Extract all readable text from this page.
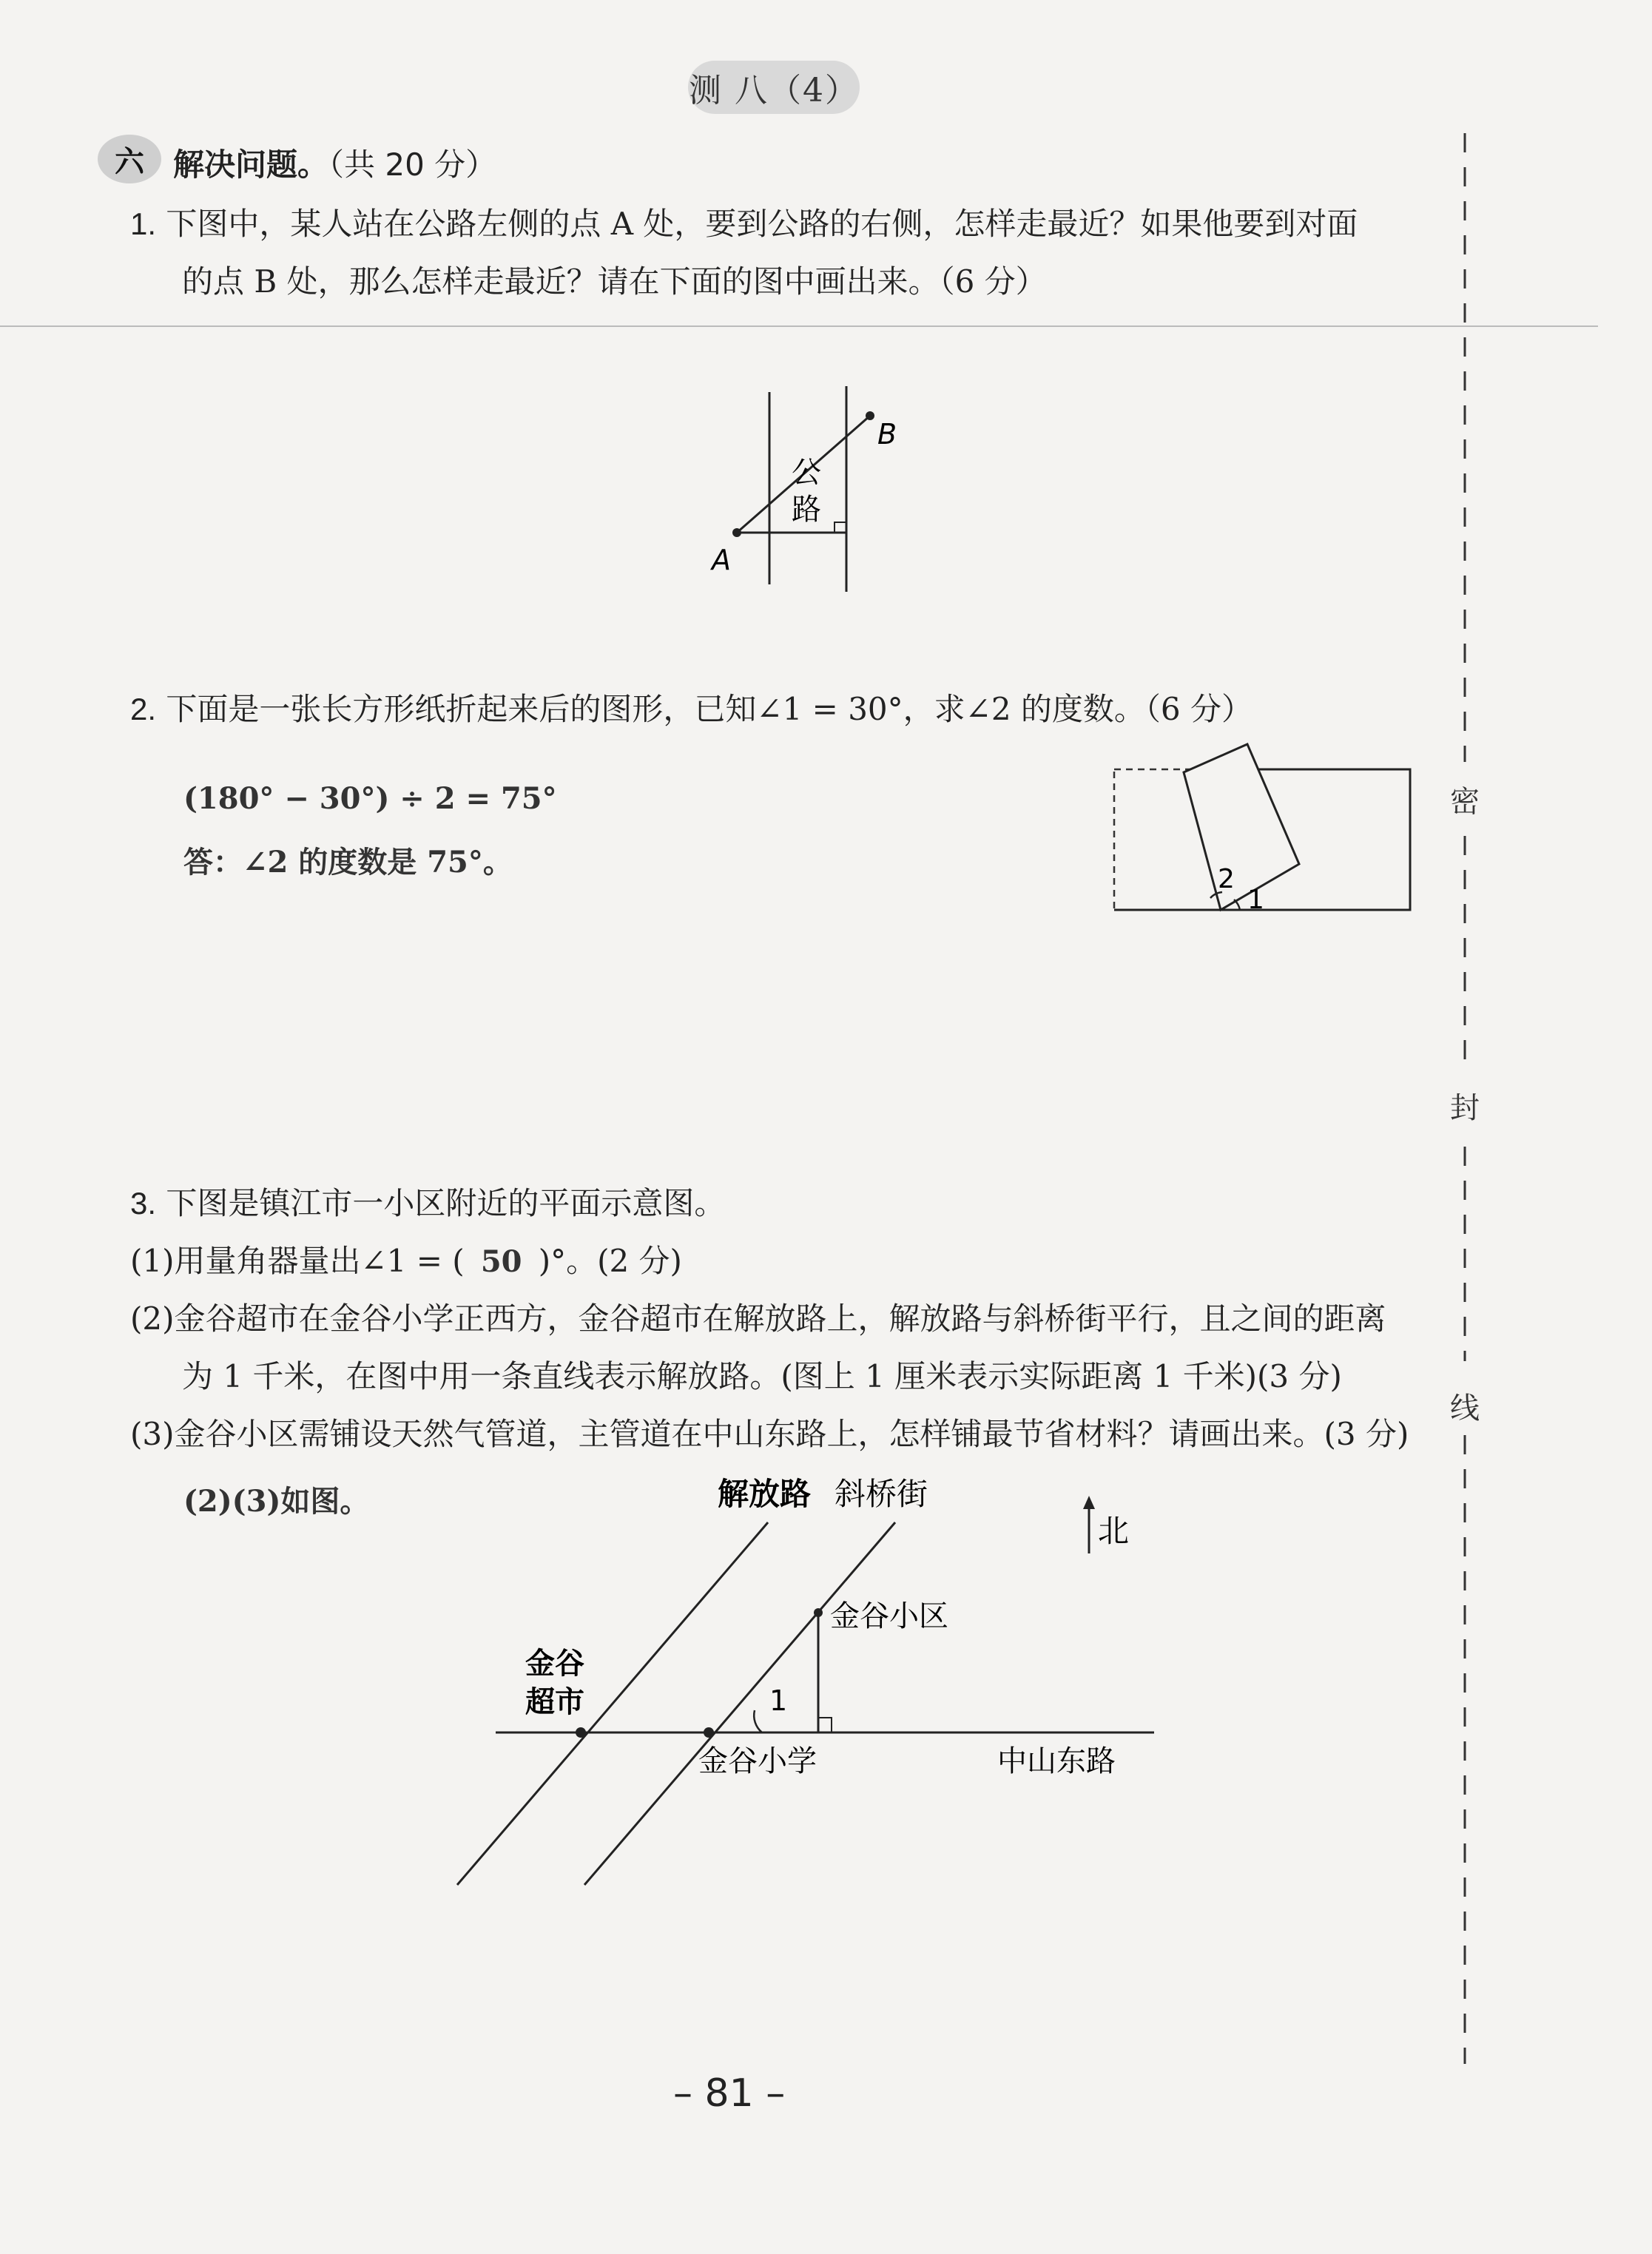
测 八（4）
六 解决问题。（共 20 分）
1. 下图中，某人站在公路左侧的点 A 处，要到公路的右侧，怎样走最近？如果他要到对面
的点 B 处，那么怎样走最近？请在下面的图中画出来。（6 分）
公
路
A
B
2. 下面是一张长方形纸折起来后的图形，已知∠1 = 30°，求∠2 的度数。（6 分）
(180° − 30°) ÷ 2 = 75°
答：∠2 的度数是 75°。	2
1
3. 下图是镇江市一小区附近的平面示意图。
(1)用量角器量出∠1 = ( 50 )°。(2 分)
(2)金谷超市在金谷小学正西方，金谷超市在解放路上，解放路与斜桥街平行，且之间的距离
为 1 千米，在图中用一条直线表示解放路。(图上 1 厘米表示实际距离 1 千米)(3 分)
(3)金谷小区需铺设天然气管道，主管道在中山东路上，怎样铺最节省材料？请画出来。(3 分)
(2)(3)如图。	解放路 斜桥街
北
金谷小区
金谷
超市	1
金谷小学	中山东路
密
封
线
– 81 –
